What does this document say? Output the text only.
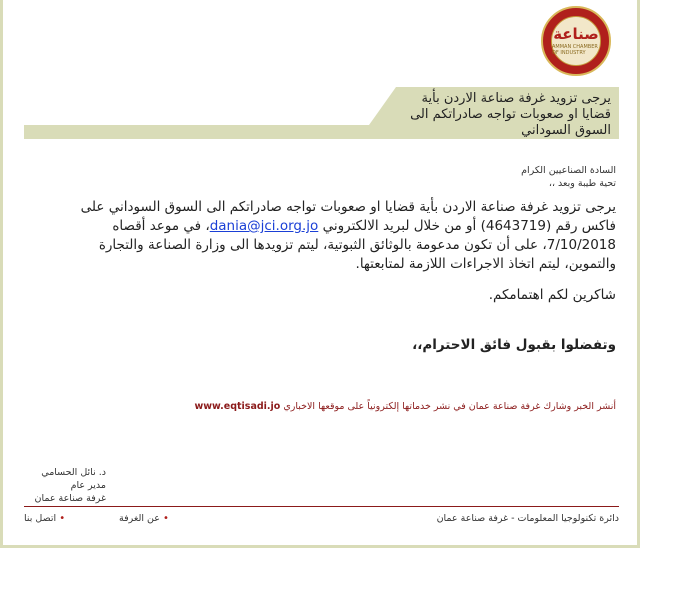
صناعة
AMMAN CHAMBER OF INDUSTRY
يرجى تزويد غرفة صناعة الاردن بأية
قضايا او صعوبات تواجه صادراتكم الى
السوق السوداني
السادة الصناعيين الكرام
تحية طيبة وبعد ،،
يرجى تزويد غرفة صناعة الاردن بأية قضايا او صعوبات تواجه صادراتكم الى السوق السوداني على فاكس رقم (4643719) أو من خلال لبريد الالكتروني dania@jci.org.jo، في موعد أقصاه 7/10/2018، على أن تكون مدعومة بالوثائق الثبوتية، ليتم تزويدها الى وزارة الصناعة والتجارة والتموين، ليتم اتخاذ الاجراءات اللازمة لمتابعتها.
شاكرين لكم اهتمامكم.
وتفضلوا بقبول فائق الاحترام،،
أنشر الخبر وشارك غرفة صناعة عمان في نشر خدماتها إلكترونياً على موقعها الاخباري www.eqtisadi.jo
د. نائل الحسامي
مدير عام
غرفة صناعة عمان
دائرة تكنولوجيا المعلومات - غرفة صناعة عمان
• عن الغرفة
• اتصل بنا
